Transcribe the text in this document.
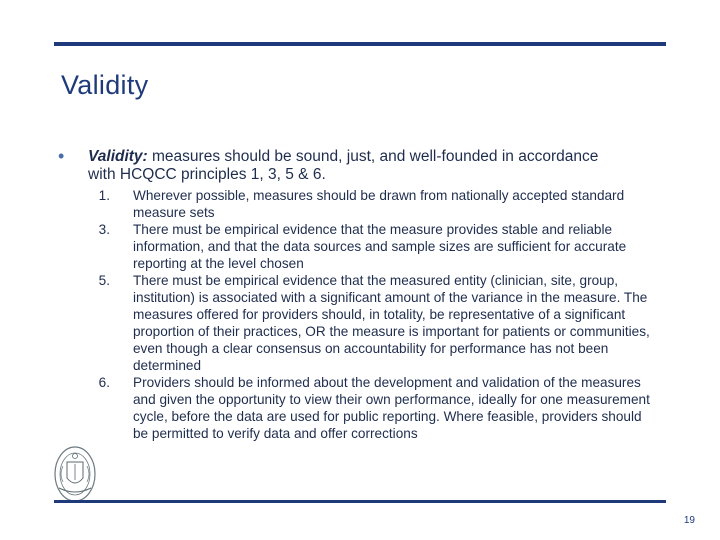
Validity
• Validity: measures should be sound, just, and well-founded in accordance with HCQCC principles 1, 3, 5 & 6.
1. Wherever possible, measures should be drawn from nationally accepted standard measure sets
3. There must be empirical evidence that the measure provides stable and reliable information, and that the data sources and sample sizes are sufficient for accurate reporting at the level chosen
5. There must be empirical evidence that the measured entity (clinician, site, group, institution) is associated with a significant amount of the variance in the measure. The measures offered for providers should, in totality, be representative of a significant proportion of their practices, OR the measure is important for patients or communities, even though a clear consensus on accountability for performance has not been determined
6. Providers should be informed about the development and validation of the measures and given the opportunity to view their own performance, ideally for one measurement cycle, before the data are used for public reporting. Where feasible, providers should be permitted to verify data and offer corrections
19
